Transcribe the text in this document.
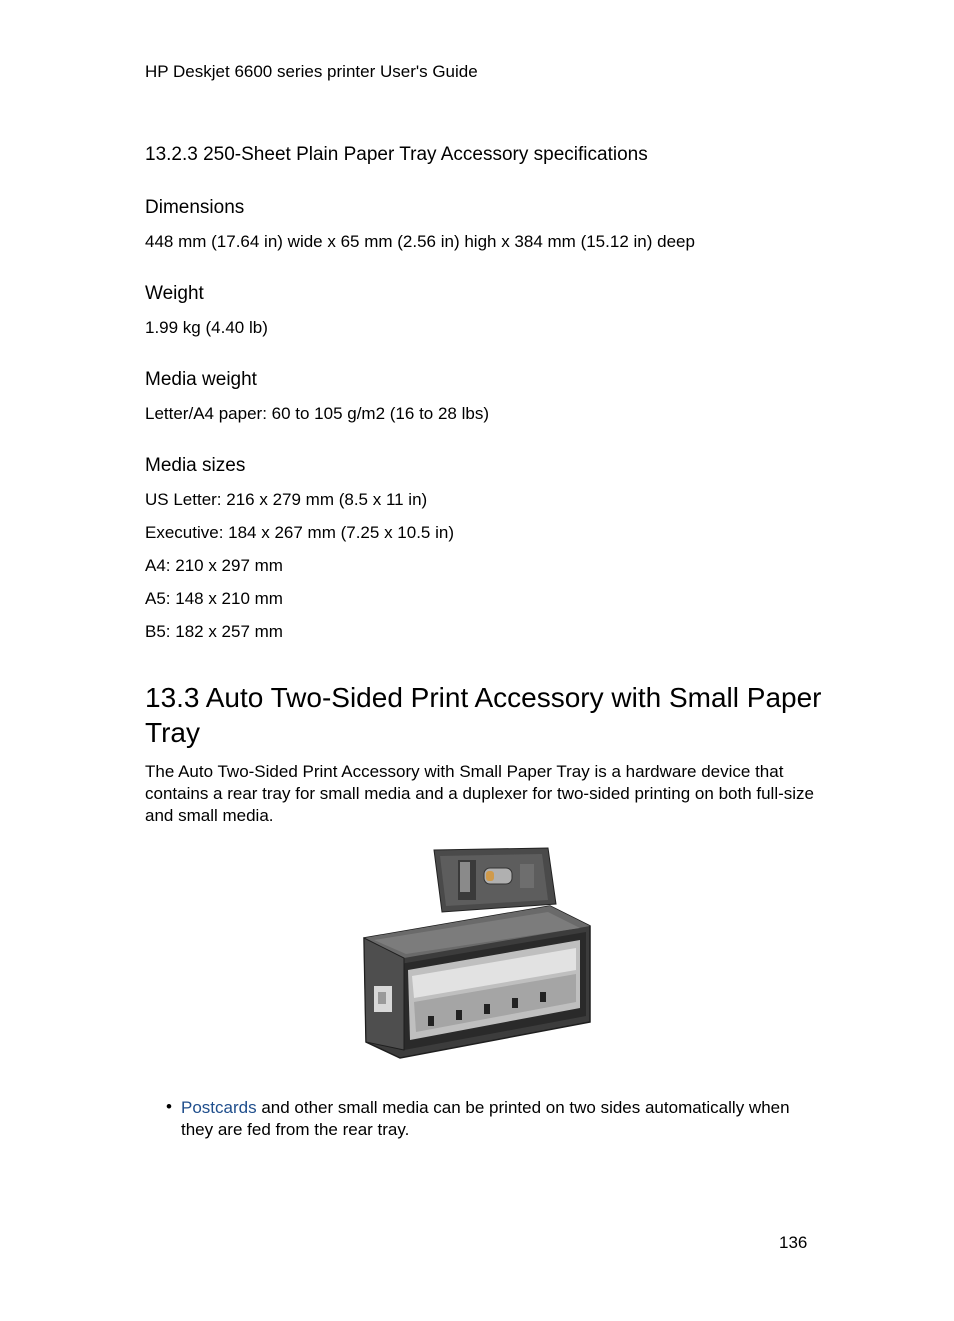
HP Deskjet 6600 series printer User's Guide
13.2.3 250-Sheet Plain Paper Tray Accessory specifications
Dimensions
448 mm (17.64 in) wide x 65 mm (2.56 in) high x 384 mm (15.12 in) deep
Weight
1.99 kg (4.40 lb)
Media weight
Letter/A4 paper: 60 to 105 g/m2 (16 to 28 lbs)
Media sizes
US Letter: 216 x 279 mm (8.5 x 11 in)
Executive: 184 x 267 mm (7.25 x 10.5 in)
A4: 210 x 297 mm
A5: 148 x 210 mm
B5: 182 x 257 mm
13.3 Auto Two-Sided Print Accessory with Small Paper Tray
The Auto Two-Sided Print Accessory with Small Paper Tray is a hardware device that contains a rear tray for small media and a duplexer for two-sided printing on both full-size and small media.
• Postcards and other small media can be printed on two sides automatically when they are fed from the rear tray.
136
